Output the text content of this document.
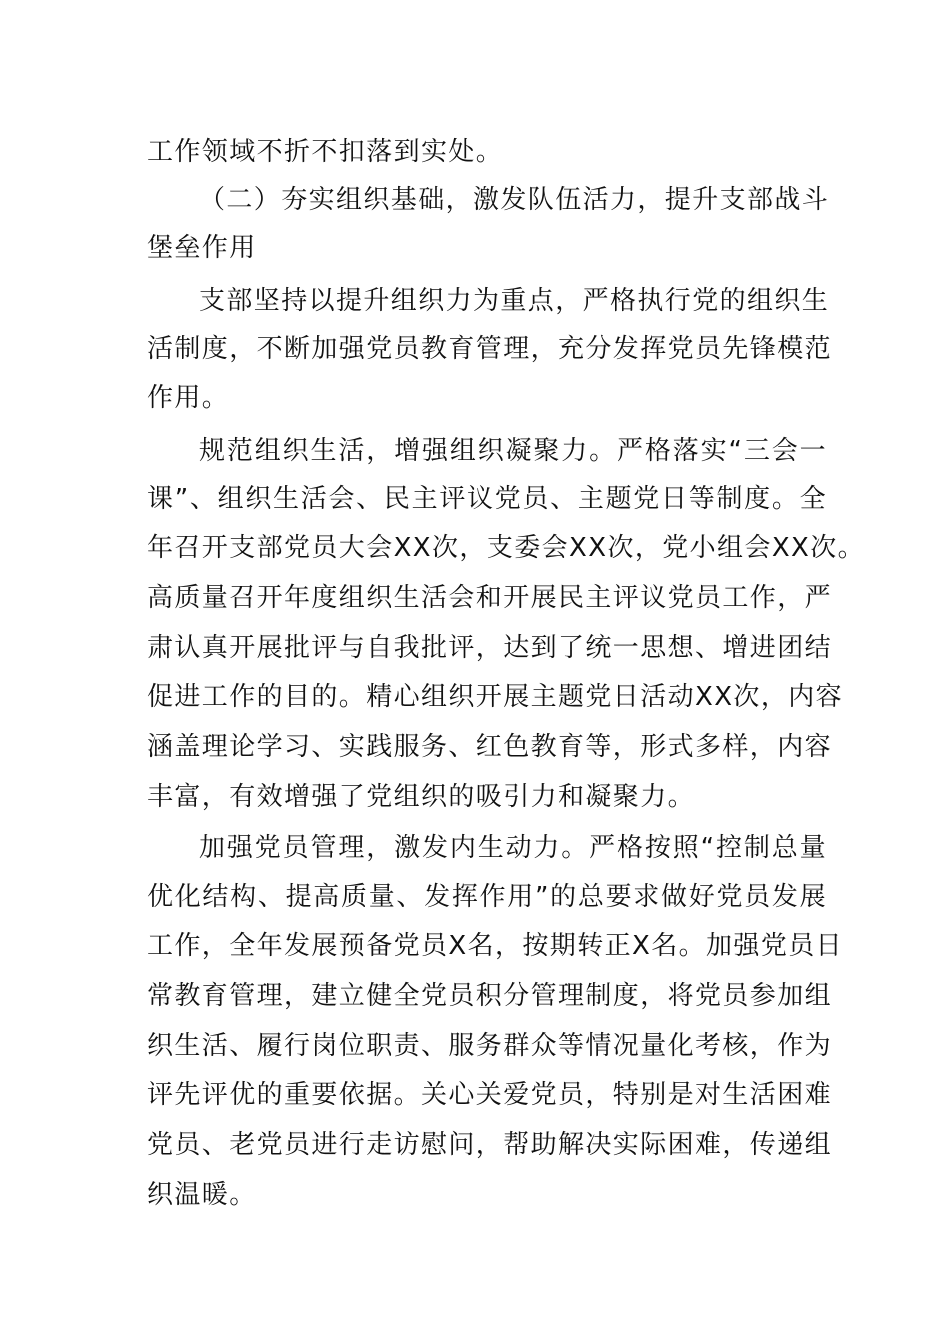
工作领域不折不扣落到实处。
（二）夯实组织基础，激发队伍活力，提升支部战斗
堡垒作用
支部坚持以提升组织力为重点，严格执行党的组织生
活制度，不断加强党员教育管理，充分发挥党员先锋模范
作用。
规范组织生活，增强组织凝聚力。严格落实“三会一
课”、组织生活会、民主评议党员、主题党日等制度。全
年召开支部党员大会XX次，支委会XX次，党小组会XX次。
高质量召开年度组织生活会和开展民主评议党员工作，严
肃认真开展批评与自我批评，达到了统一思想、增进团结
促进工作的目的。精心组织开展主题党日活动XX次，内容
涵盖理论学习、实践服务、红色教育等，形式多样，内容
丰富，有效增强了党组织的吸引力和凝聚力。
加强党员管理，激发内生动力。严格按照“控制总量
优化结构、提高质量、发挥作用”的总要求做好党员发展
工作，全年发展预备党员X名，按期转正X名。加强党员日
常教育管理，建立健全党员积分管理制度，将党员参加组
织生活、履行岗位职责、服务群众等情况量化考核，作为
评先评优的重要依据。关心关爱党员，特别是对生活困难
党员、老党员进行走访慰问，帮助解决实际困难，传递组
织温暖。
